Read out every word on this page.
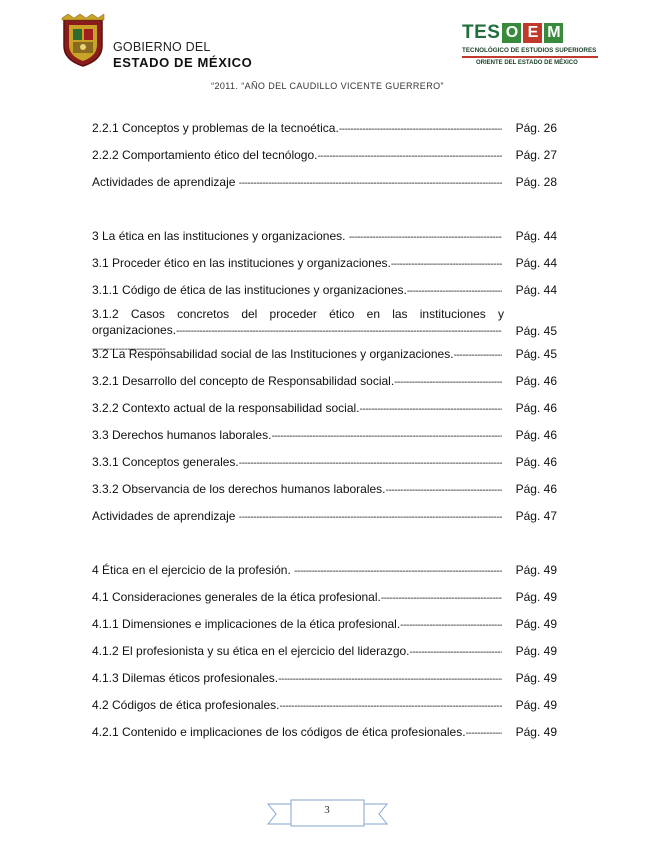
GOBIERNO DEL
ESTADO DE MÉXICO
TES O E M
TECNOLÓGICO DE ESTUDIOS SUPERIORES
ORIENTE DEL ESTADO DE MÉXICO
“2011. “AÑO DEL CAUDILLO VICENTE GUERRERO”
2.2.1 Conceptos y problemas de la tecnoética. -----	Pág. 26
2.2.2 Comportamiento ético del tecnólogo. -----	Pág. 27
Actividades de aprendizaje -----	Pág. 28
3 La ética en las instituciones y organizaciones. -----	Pág. 44
3.1 Proceder ético en las instituciones y organizaciones. -----	Pág. 44
3.1.1 Código de ética de las instituciones y organizaciones. -----	Pág. 44
3.1.2 Casos concretos del proceder ético en las instituciones y organizaciones. -----	Pág. 45
3.2 La Responsabilidad social de las Instituciones y organizaciones. -----	Pág. 45
3.2.1 Desarrollo del concepto de Responsabilidad social. -----	Pág. 46
3.2.2 Contexto actual de la responsabilidad social. -----	Pág. 46
3.3 Derechos humanos laborales. -----	Pág. 46
3.3.1 Conceptos generales. -----	Pág. 46
3.3.2 Observancia de los derechos humanos laborales. -----	Pág. 46
Actividades de aprendizaje -----	Pág. 47
4 Ética en el ejercicio de la profesión. -----	Pág. 49
4.1 Consideraciones generales de la ética profesional. -----	Pág. 49
4.1.1 Dimensiones e implicaciones de la ética profesional. -----	Pág. 49
4.1.2 El profesionista y su ética en el ejercicio del liderazgo. -----	Pág. 49
4.1.3 Dilemas éticos profesionales. -----	Pág. 49
4.2 Códigos de ética profesionales. -----	Pág. 49
4.2.1 Contenido e implicaciones de los códigos de ética profesionales. -----	Pág. 49
3
